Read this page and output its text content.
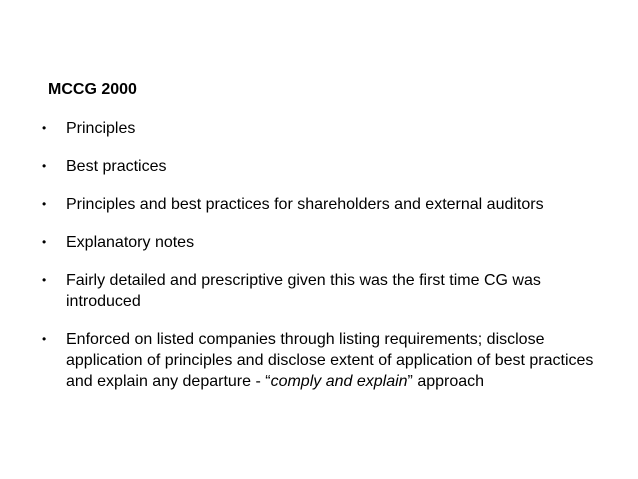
MCCG 2000
• Principles
• Best practices
• Principles and best practices for shareholders and external auditors
• Explanatory notes
• Fairly detailed and prescriptive given this was the first time CG was introduced
• Enforced on listed companies through listing requirements; disclose application of principles and disclose extent of application of best practices and explain any departure - “comply and explain” approach
